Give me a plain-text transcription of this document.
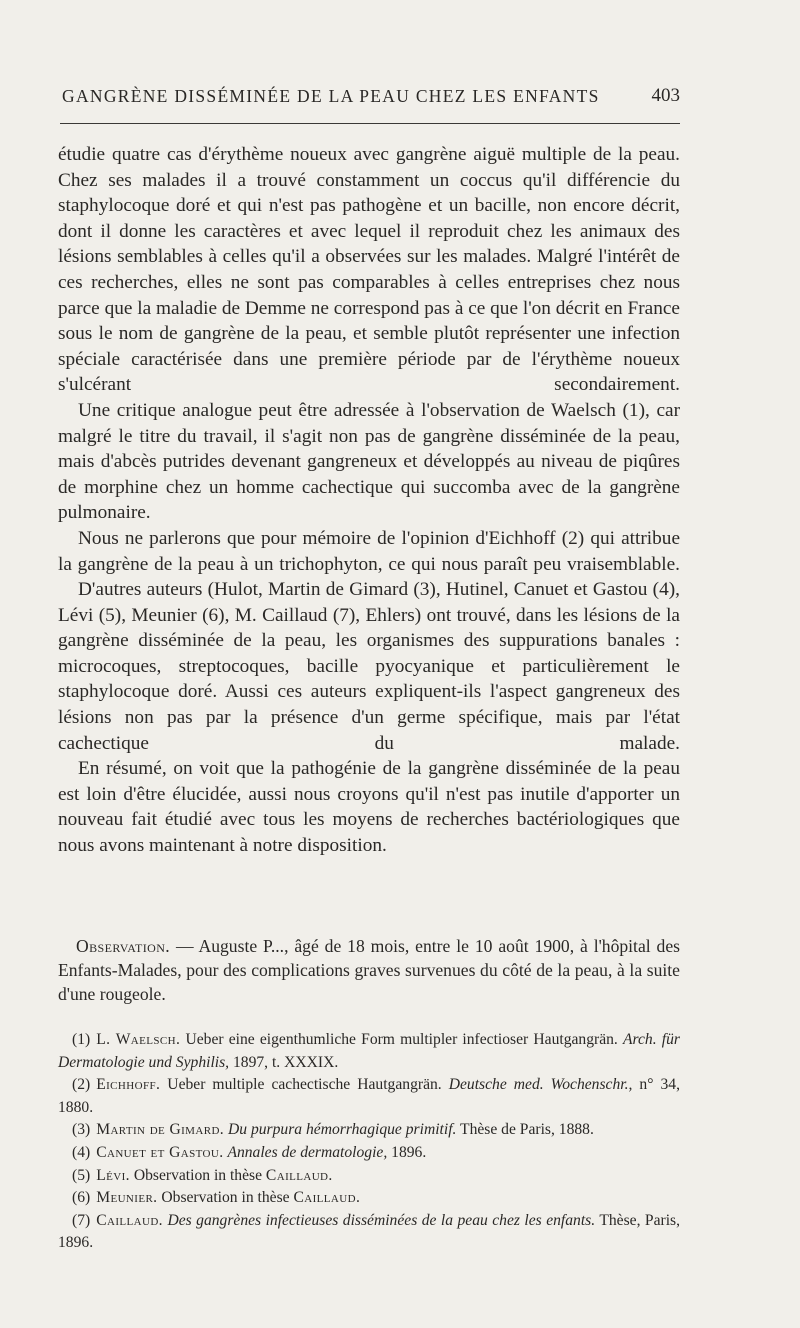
GANGRÈNE DISSÉMINÉE DE LA PEAU CHEZ LES ENFANTS	403

étudie quatre cas d'érythème noueux avec gangrène aiguë multiple de la peau. Chez ses malades il a trouvé constamment un coccus qu'il différencie du staphylocoque doré et qui n'est pas pathogène et un bacille, non encore décrit, dont il donne les caractères et avec lequel il reproduit chez les animaux des lésions semblables à celles qu'il a observées sur les malades. Malgré l'intérêt de ces recherches, elles ne sont pas comparables à celles entreprises chez nous parce que la maladie de Demme ne correspond pas à ce que l'on décrit en France sous le nom de gangrène de la peau, et semble plutôt représenter une infection spéciale caractérisée dans une première période par de l'érythème noueux s'ulcérant secondairement.

Une critique analogue peut être adressée à l'observation de Waelsch (1), car malgré le titre du travail, il s'agit non pas de gangrène disséminée de la peau, mais d'abcès putrides devenant gangreneux et développés au niveau de piqûres de morphine chez un homme cachectique qui succomba avec de la gangrène pulmonaire.

Nous ne parlerons que pour mémoire de l'opinion d'Eichhoff (2) qui attribue la gangrène de la peau à un trichophyton, ce qui nous paraît peu vraisemblable.

D'autres auteurs (Hulot, Martin de Gimard (3), Hutinel, Canuet et Gastou (4), Lévi (5), Meunier (6), M. Caillaud (7), Ehlers) ont trouvé, dans les lésions de la gangrène disséminée de la peau, les organismes des suppurations banales : microcoques, streptocoques, bacille pyocyanique et particulièrement le staphylocoque doré. Aussi ces auteurs expliquent-ils l'aspect gangreneux des lésions non pas par la présence d'un germe spécifique, mais par l'état cachectique du malade.

En résumé, on voit que la pathogénie de la gangrène disséminée de la peau est loin d'être élucidée, aussi nous croyons qu'il n'est pas inutile d'apporter un nouveau fait étudié avec tous les moyens de recherches bactériologiques que nous avons maintenant à notre disposition.

Observation. — Auguste P..., âgé de 18 mois, entre le 10 août 1900, à l'hôpital des Enfants-Malades, pour des complications graves survenues du côté de la peau, à la suite d'une rougeole.

(1) L. Waelsch. Ueber eine eigenthumliche Form multipler infectioser Hautgangrän. Arch. für Dermatologie und Syphilis, 1897, t. XXXIX.

(2) Eichhoff. Ueber multiple cachectische Hautgangrän. Deutsche med. Wochenschr., n° 34, 1880.

(3) Martin de Gimard. Du purpura hémorrhagique primitif. Thèse de Paris, 1888.

(4) Canuet et Gastou. Annales de dermatologie, 1896.

(5) Lévi. Observation in thèse Caillaud.

(6) Meunier. Observation in thèse Caillaud.

(7) Caillaud. Des gangrènes infectieuses disséminées de la peau chez les enfants. Thèse, Paris, 1896.
